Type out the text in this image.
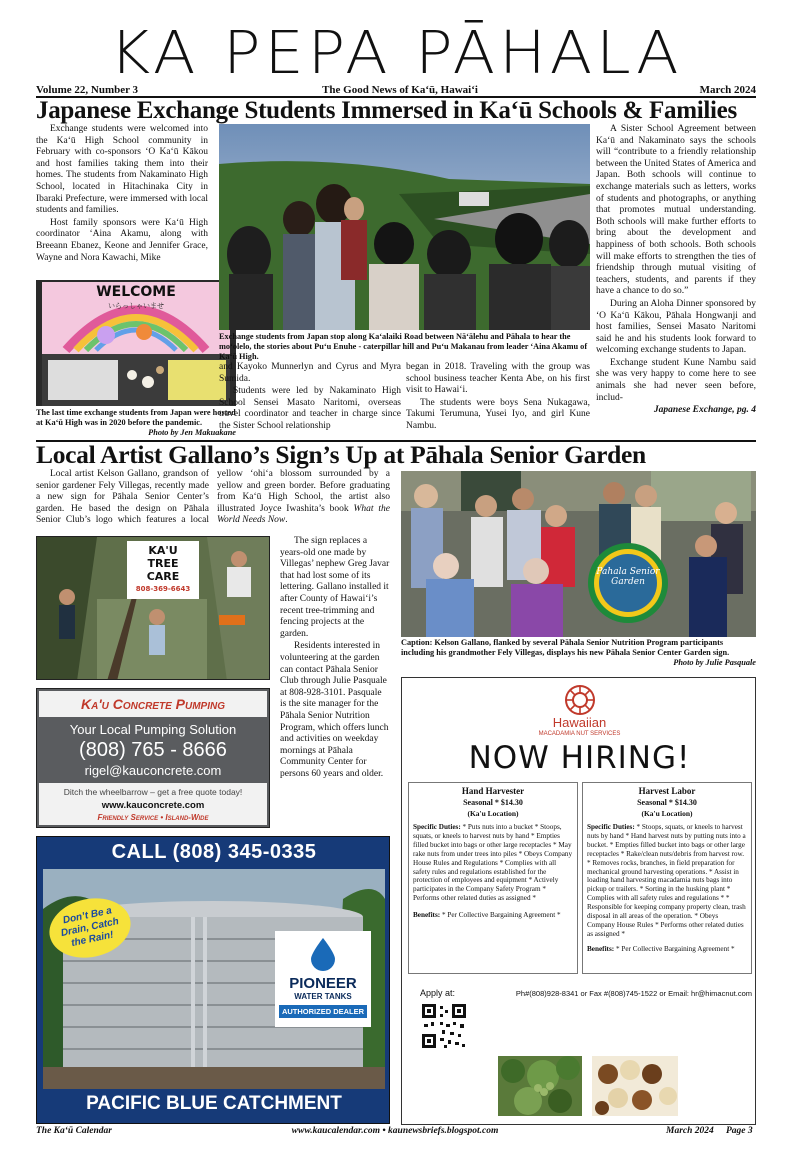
KA PEPA PĀHALA
Volume 22, Number 3	The Good News of Ka‘ū, Hawai‘i	March 2024
Japanese Exchange Students Immersed in Ka‘ū Schools & Families

Exchange students were welcomed into the Ka‘ū High School community in February with co-sponsors ‘O Ka‘ū Kākou and host families taking them into their homes. The students from Nakaminato High School, located in Hitachinaka City in Ibaraki Prefecture, were immersed with local students and families.

Host family sponsors were Ka‘ū High coordinator ‘Aina Akamu, along with Breeann Ebanez, Keone and Jennifer Grace, Wayne and Nora Kawachi, Mike

WELCOME
いらっしゃいませ
The last time exchange students from Japan were hosted at Ka‘ū High was in 2020 before the pandemic.
Photo by Jen Makuakane
Exchange students from Japan stop along Ka‘alaiki Road between Nā‘ālehu and Pāhala to hear the mo‘olelo, the stories about Pu‘u Enuhe - caterpillar hill and Pu‘u Makanau from leader ‘Aina Akamu of Ka‘ū High.

and Kayoko Munnerlyn and Cyrus and Myra Sumida.

Students were led by Nakaminato High School Sensei Masato Naritomi, overseas travel coordinator and teacher in charge since the Sister School relationship

began in 2018. Traveling with the group was school business teacher Kenta Abe, on his first visit to Hawai‘i.

The students were boys Sena Nukagawa, Takumi Terumuna, Yusei Iyo, and girl Kune Nambu.

A Sister School Agreement between Ka‘ū and Nakaminato says the schools will “contribute to a friendly relationship between the United States of America and Japan. Both schools will continue to exchange materials such as letters, works of students and photographs, or anything that promotes mutual understanding. Both schools will make further efforts to bring about the development and happiness of both schools. Both schools will make efforts to strengthen the ties of friendship through mutual visiting of teachers, students, and parents if they have a chance to do so.”

During an Aloha Dinner sponsored by ‘O Ka‘ū Kākou, Pāhala Hongwanji and host families, Sensei Masato Naritomi said he and his students look forward to welcoming exchange students to Japan.

Exchange student Kune Nambu said she was very happy to come here to see animals she had never seen before, includ-

Japanese Exchange, pg. 4
Local Artist Gallano’s Sign’s Up at Pāhala Senior Garden

Local artist Kelson Gallano, grandson of senior gardener Fely Villegas, recently made a new sign for Pāhala Senior Center’s garden. He based the design on Pāhala Senior Club’s logo which features a local yellow ‘ohi‘a blossom surrounded by a yellow and green border. Before graduating from Ka‘ū High School, the artist also illustrated Joyce Iwashita’s book What the World Needs Now.

KA'U
TREE
CARE
808-369-6643

The sign replaces a years-old one made by Villegas’ nephew Greg Javar that had lost some of its lettering. Gallano installed it after County of Hawai‘i’s recent tree-trimming and fencing projects at the garden.

Residents interested in volunteering at the garden can contact Pāhala Senior Club through Julie Pasquale at 808-928-3101. Pasquale is the site manager for the Pāhala Senior Nutrition Program, which offers lunch and activities on weekday mornings at Pāhala Community Center for persons 60 years and older.

Pahala Senior Garden
Caption: Kelson Gallano, flanked by several Pāhala Senior Nutrition Program participants including his grandmother Fely Villegas, displays his new Pāhala Senior Center Garden sign.
Photo by Julie Pasquale
Ka'u Concrete Pumping
Your Local Pumping Solution
(808) 765 - 8666
rigel@kauconcrete.com
Ditch the wheelbarrow – get a free quote today!
www.kauconcrete.com
Friendly Service • Island-Wide
CALL (808) 345-0335
Don’t Be a Drain, Catch the Rain!
PIONEER
WATER TANKS
AUTHORIZED DEALER
PACIFIC BLUE CATCHMENT
Hawaiian
MACADAMIA NUT SERVICES
NOW HIRING!
Hand Harvester
Seasonal * $14.30
(Ka'u Location)
Specific Duties: * Puts nuts into a bucket * Stoops, squats, or kneels to harvest nuts by hand * Empties filled bucket into bags or other large receptacles * May rake nuts from under trees into piles * Obeys Company House Rules and Regulations * Complies with all safety rules and regulations established for the protection of employees and equipment * Actively participates in the Company Safety Program * Performs other related duties as assigned *
Benefits: * Per Collective Bargaining Agreement *
Harvest Labor
Seasonal * $14.30
(Ka'u Location)
Specific Duties: * Stoops, squats, or kneels to harvest nuts by hand * Hand harvest nuts by putting nuts into a bucket. * Empties filled bucket into bags or other large receptacles * Rake/clean nuts/debris from harvest row. * Removes rocks, branches, in field preparation for mechanical ground harvesting operations. * Assist in loading hand harvesting macadamia nuts bags into pickup or trailers. * Sorting in the husking plant * Complies with all safety rules and regulations * * Responsible for keeping company property clean, trash disposal in all areas of the operation. * Obeys Company House Rules * Performs other related duties as assigned *
Benefits: * Per Collective Bargaining Agreement *
Apply at:	Ph#(808)928-8341 or Fax #(808)745-1522 or Email: hr@himacnut.com
The Ka‘ū Calendar	www.kaucalendar.com • kaunewsbriefs.blogspot.com	March 2024 Page 3
